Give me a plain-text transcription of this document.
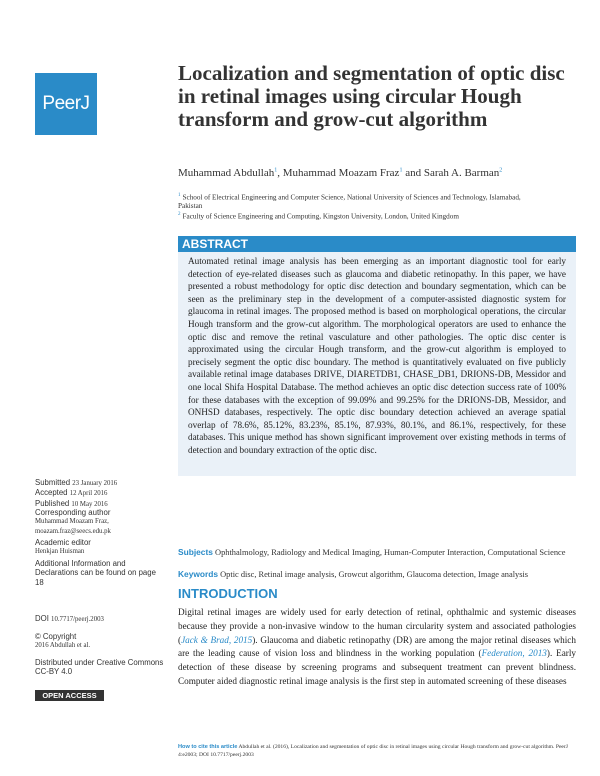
PeerJ
Localization and segmentation of optic disc in retinal images using circular Hough transform and grow-cut algorithm
Muhammad Abdullah$^1$, Muhammad Moazam Fraz$^1$ and Sarah A. Barman$^2$
$^1$ School of Electrical Engineering and Computer Science, National University of Sciences and Technology, Islamabad, Pakistan
$^2$ Faculty of Science Engineering and Computing, Kingston University, London, United Kingdom
ABSTRACT
Automated retinal image analysis has been emerging as an important diagnostic tool for early detection of eye-related diseases such as glaucoma and diabetic retinopathy. In this paper, we have presented a robust methodology for optic disc detection and boundary segmentation, which can be seen as the preliminary step in the development of a computer-assisted diagnostic system for glaucoma in retinal images. The proposed method is based on morphological operations, the circular Hough transform and the grow-cut algorithm. The morphological operators are used to enhance the optic disc and remove the retinal vasculature and other pathologies. The optic disc center is approximated using the circular Hough transform, and the grow-cut algorithm is employed to precisely segment the optic disc boundary. The method is quantitatively evaluated on five publicly available retinal image databases DRIVE, DIARETDB1, CHASE_DB1, DRIONS-DB, Messidor and one local Shifa Hospital Database. The method achieves an optic disc detection success rate of 100% for these databases with the exception of 99.09% and 99.25% for the DRIONS-DB, Messidor, and ONHSD databases, respectively. The optic disc boundary detection achieved an average spatial overlap of 78.6%, 85.12%, 83.23%, 85.1%, 87.93%, 80.1%, and 86.1%, respectively, for these databases. This unique method has shown significant improvement over existing methods in terms of detection and boundary extraction of the optic disc.
Submitted 23 January 2016
Accepted 12 April 2016
Published 10 May 2016
Corresponding author
Muhammad Moazam Fraz,
moazam.fraz@seecs.edu.pk
Academic editor
Henkjan Huisman
Additional Information and Declarations can be found on page 18
DOI 10.7717/peerj.2003
© Copyright
2016 Abdullah et al.
Distributed under Creative Commons CC-BY 4.0
OPEN ACCESS
Subjects Ophthalmology, Radiology and Medical Imaging, Human-Computer Interaction, Computational Science
Keywords Optic disc, Retinal image analysis, Growcut algorithm, Glaucoma detection, Image analysis
INTRODUCTION
Digital retinal images are widely used for early detection of retinal, ophthalmic and systemic diseases because they provide a non-invasive window to the human circularity system and associated pathologies (Jack & Brad, 2015). Glaucoma and diabetic retinopathy (DR) are among the major retinal diseases which are the leading cause of vision loss and blindness in the working population (Federation, 2013). Early detection of these disease by screening programs and subsequent treatment can prevent blindness. Computer aided diagnostic retinal image analysis is the first step in automated screening of these diseases
How to cite this article Abdullah et al. (2016), Localization and segmentation of optic disc in retinal images using circular Hough transform and grow-cut algorithm. PeerJ 4:e2003; DOI 10.7717/peerj.2003
